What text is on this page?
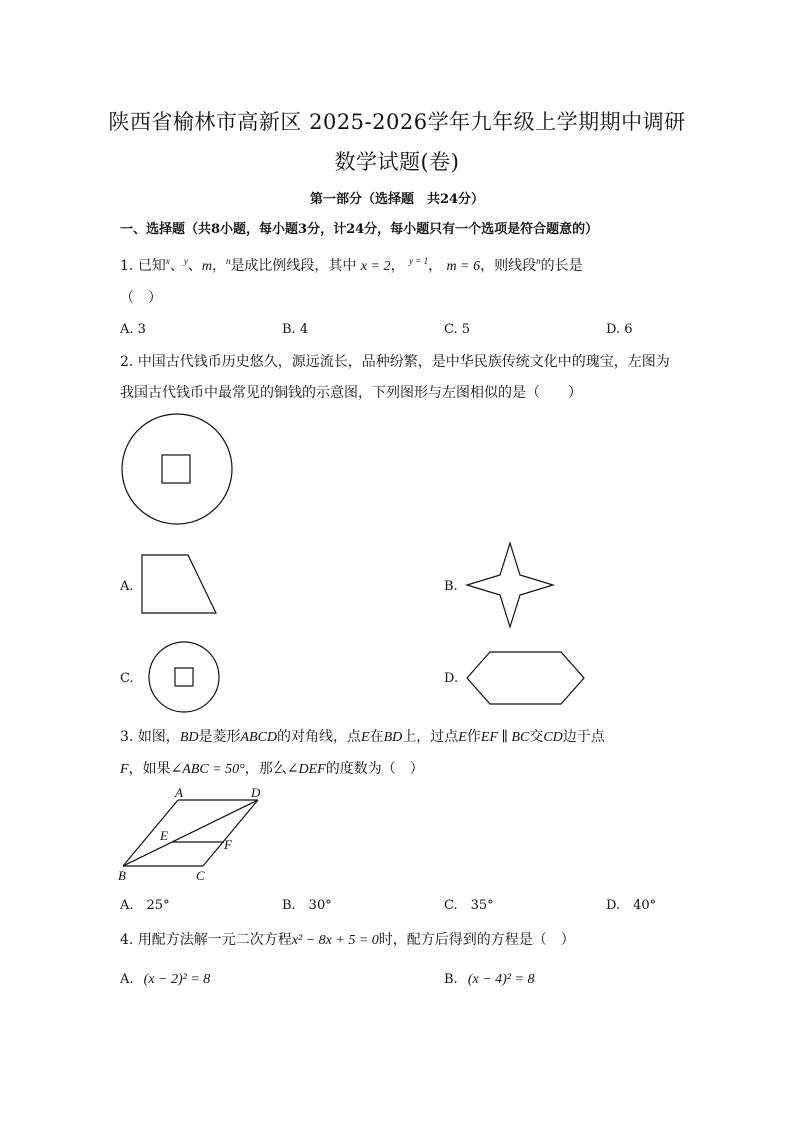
陕西省榆林市高新区 2025-2026学年九年级上学期期中调研
数学试题(卷)
第一部分（选择题　共24分）
一、选择题（共8小题，每小题3分，计24分，每小题只有一个选项是符合题意的）
1. 已知$^x$、$^y$、m，$^n$是成比例线段，其中 x = 2， $^{y = 1}$， m = 6，则线段$^n$的长是
（　）
A. 3	B. 4	C. 5	D. 6
2. 中国古代钱币历史悠久，源远流长，品种纷繁，是中华民族传统文化中的瑰宝，左图为
我国古代钱币中最常见的铜钱的示意图，下列图形与左图相似的是（　　）
A	D
E
F
B	C
A.	B.
C.	D.
3. 如图，BD是菱形ABCD的对角线，点E在BD上，过点E作EF ∥ BC交CD边于点
F，如果∠ABC = 50°，那么∠DEF的度数为（　）
A.　25°	B.　30°	C.　35°	D.　40°
4. 用配方法解一元二次方程x² − 8x + 5 = 0时，配方后得到的方程是（　）
A. (x − 2)² = 8	B. (x − 4)² = 8
